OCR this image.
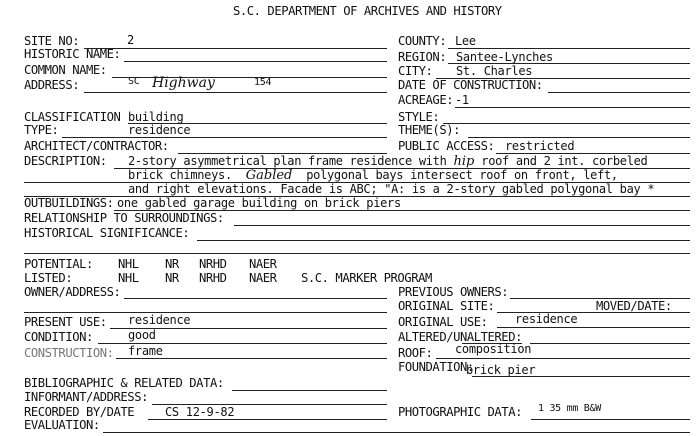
S.C. DEPARTMENT OF ARCHIVES AND HISTORY
SITE NO:	2
HISTORIC NAME:
COMMON NAME:
ADDRESS:	SC Highway	154
CLASSIFICATION building
TYPE:	residence
ARCHITECT/CONTRACTOR:
DESCRIPTION: 2-story asymmetrical plan frame residence with hip roof and 2 int. corbeled
brick chimneys. Gabled polygonal bays intersect roof on front, left,
and right elevations. Facade is ABC; "A: is a 2-story gabled polygonal bay *
OUTBUILDINGS: one gabled garage building on brick piers
RELATIONSHIP TO SURROUNDINGS:
HISTORICAL SIGNIFICANCE:
POTENTIAL: NHL NR NRHD NAER
LISTED:	NHL NR NRHD NAER S.C. MARKER PROGRAM
OWNER/ADDRESS:
PRESENT USE: residence
CONDITION:	good
CONSTRUCTION: frame
BIBLIOGRAPHIC & RELATED DATA:
INFORMANT/ADDRESS:
RECORDED BY/DATE	CS 12-9-82
EVALUATION:
COUNTY: Lee
REGION: Santee-Lynches
CITY: St. Charles
DATE OF CONSTRUCTION:
ACREAGE: -1
STYLE:
THEME(S):
PUBLIC ACCESS: restricted
PREVIOUS OWNERS:
ORIGINAL SITE:	MOVED/DATE:
ORIGINAL USE: residence
ALTERED/UNALTERED:
ROOF: composition
FOUNDATION:
brick pier
PHOTOGRAPHIC DATA: 1 35 mm B&W
